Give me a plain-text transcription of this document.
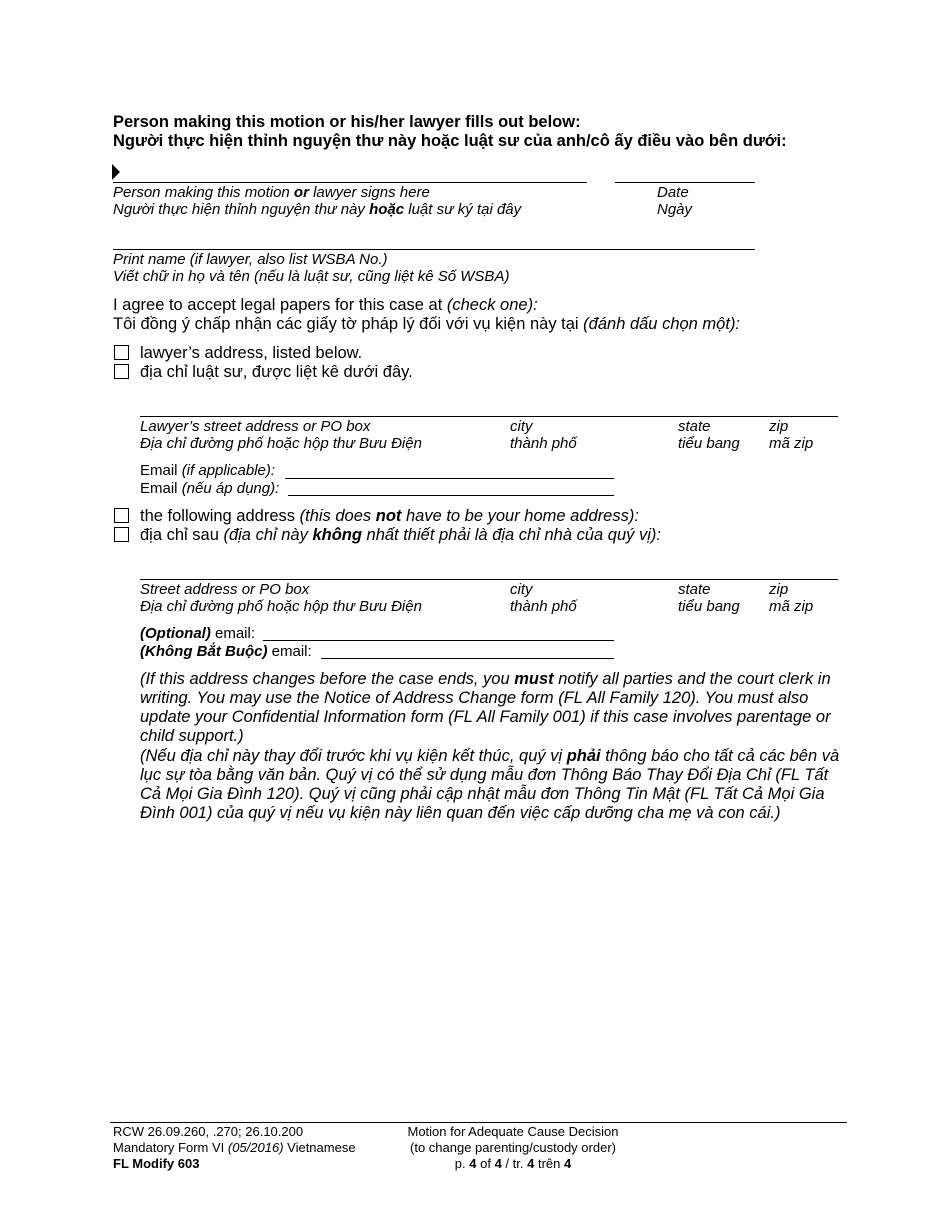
Person making this motion or his/her lawyer fills out below:
Người thực hiện thỉnh nguyện thư này hoặc luật sư của anh/cô ấy điều vào bên dưới:
Person making this motion or lawyer signs here
Người thực hiện thỉnh nguyện thư này hoặc luật sư ký tại đây
Date
Ngày
Print name (if lawyer, also list WSBA No.)
Viết chữ in họ và tên (nếu là luật sư, cũng liệt kê Số WSBA)
I agree to accept legal papers for this case at (check one):
Tôi đồng ý chấp nhận các giấy tờ pháp lý đối với vụ kiện này tại (đánh dấu chọn một):
lawyer’s address, listed below.
địa chỉ luật sư, được liệt kê dưới đây.
Lawyer’s street address or PO box
Địa chỉ đường phố hoặc hộp thư Bưu Điện
city
thành phố
state
tiểu bang
zip
mã zip
Email (if applicable):
Email (nếu áp dụng):
the following address (this does not have to be your home address):
địa chỉ sau (địa chỉ này không nhất thiết phải là địa chỉ nhà của quý vị):
Street address or PO box
Địa chỉ đường phố hoặc hộp thư Bưu Điện
city
thành phố
state
tiểu bang
zip
mã zip
(Optional) email:
(Không Bắt Buộc) email:
(If this address changes before the case ends, you must notify all parties and the court clerk in writing. You may use the Notice of Address Change form (FL All Family 120). You must also update your Confidential Information form (FL All Family 001) if this case involves parentage or child support.)
(Nếu địa chỉ này thay đổi trước khi vụ kiện kết thúc, quý vị phải thông báo cho tất cả các bên và lục sự tòa bằng văn bản. Quý vị có thể sử dụng mẫu đơn Thông Báo Thay Đổi Địa Chỉ (FL Tất Cả Mọi Gia Đình 120). Quý vị cũng phải cập nhật mẫu đơn Thông Tin Mật (FL Tất Cả Mọi Gia Đình 001) của quý vị nếu vụ kiện này liên quan đến việc cấp dưỡng cha mẹ và con cái.)
RCW 26.09.260, .270; 26.10.200
Mandatory Form VI (05/2016) Vietnamese
FL Modify 603
Motion for Adequate Cause Decision
(to change parenting/custody order)
p. 4 of 4 / tr. 4 trên 4
